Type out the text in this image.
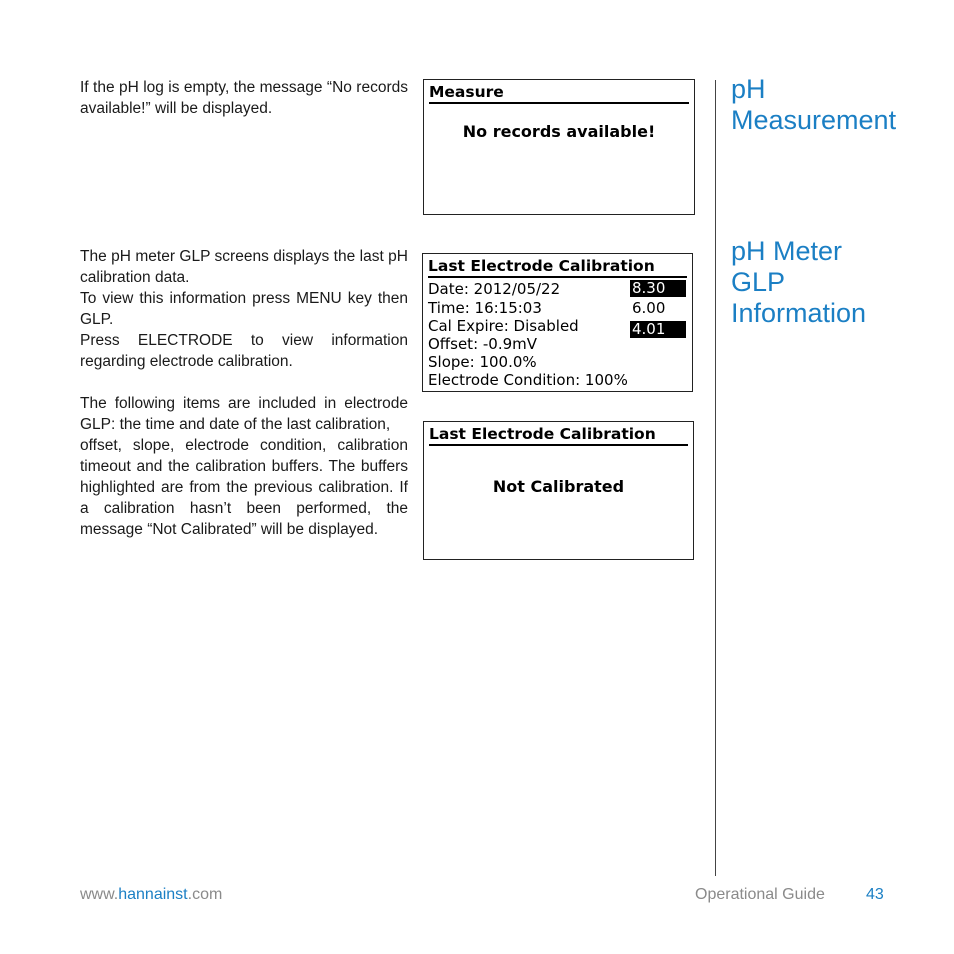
If the pH log is empty, the message “No records available!” will be displayed.

Measure
No records available!
pH
Measurement

The pH meter GLP screens displays the last pH calibration data.

To view this information press MENU key then GLP.

Press ELECTRODE to view information regarding electrode calibration.

The following items are included in electrode GLP: the time and date of the last calibration,

offset, slope, electrode condition, calibration timeout and the calibration buffers. The buffers highlighted are from the previous calibration. If a calibration hasn’t been performed, the message “Not Calibrated” will be displayed.

Last Electrode Calibration
Date: 2012/05/22
Time: 16:15:03
Cal Expire: Disabled
Offset: -0.9mV
Slope: 100.0%
Electrode Condition: 100%
8.30
6.00
4.01
Last Electrode Calibration
Not Calibrated
pH Meter
GLP
Information
www.hannainst.com	Operational Guide	43
